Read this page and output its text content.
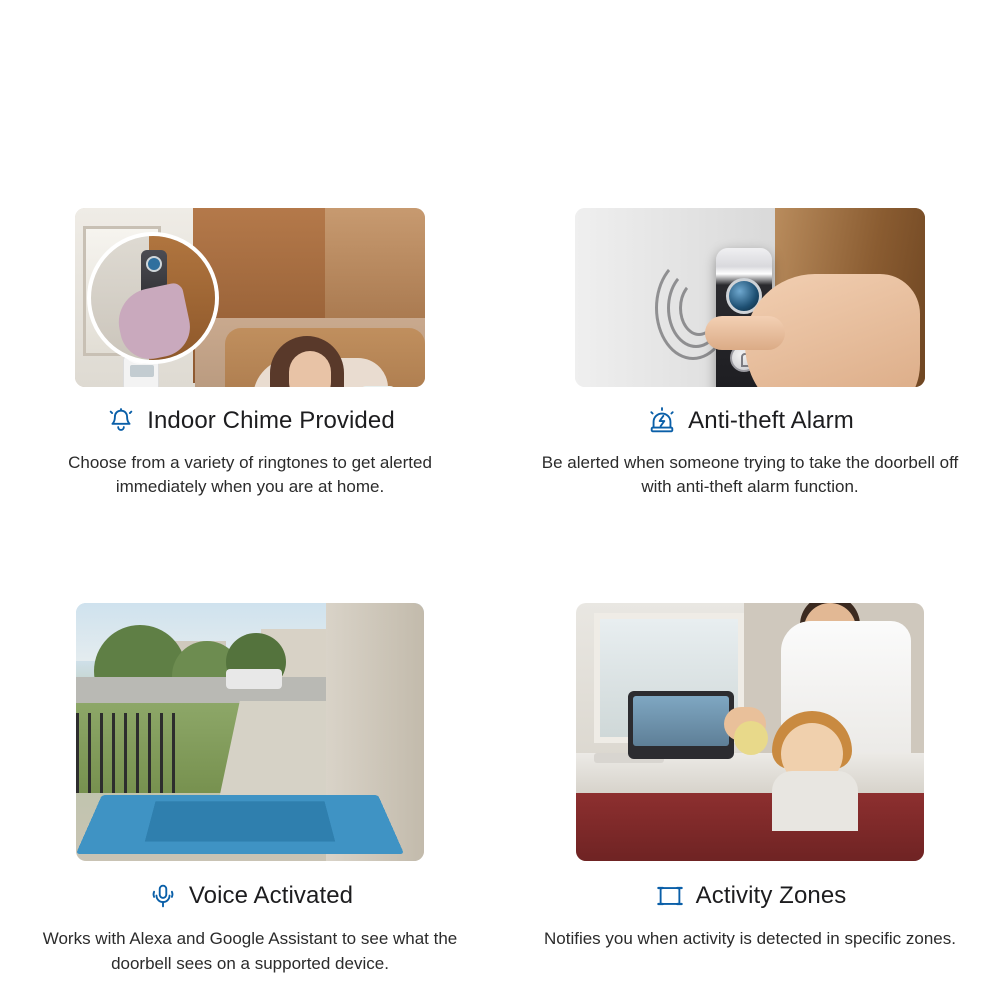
Indoor Chime Provided
Choose from a variety of ringtones to get alerted immediately when you are at home.
Anti-theft Alarm
Be alerted when someone trying to take the doorbell off with anti-theft alarm function.
Voice Activated
Works with Alexa and Google Assistant to see what the doorbell sees on a supported device.
Activity Zones
Notifies you when activity is detected in specific zones.
